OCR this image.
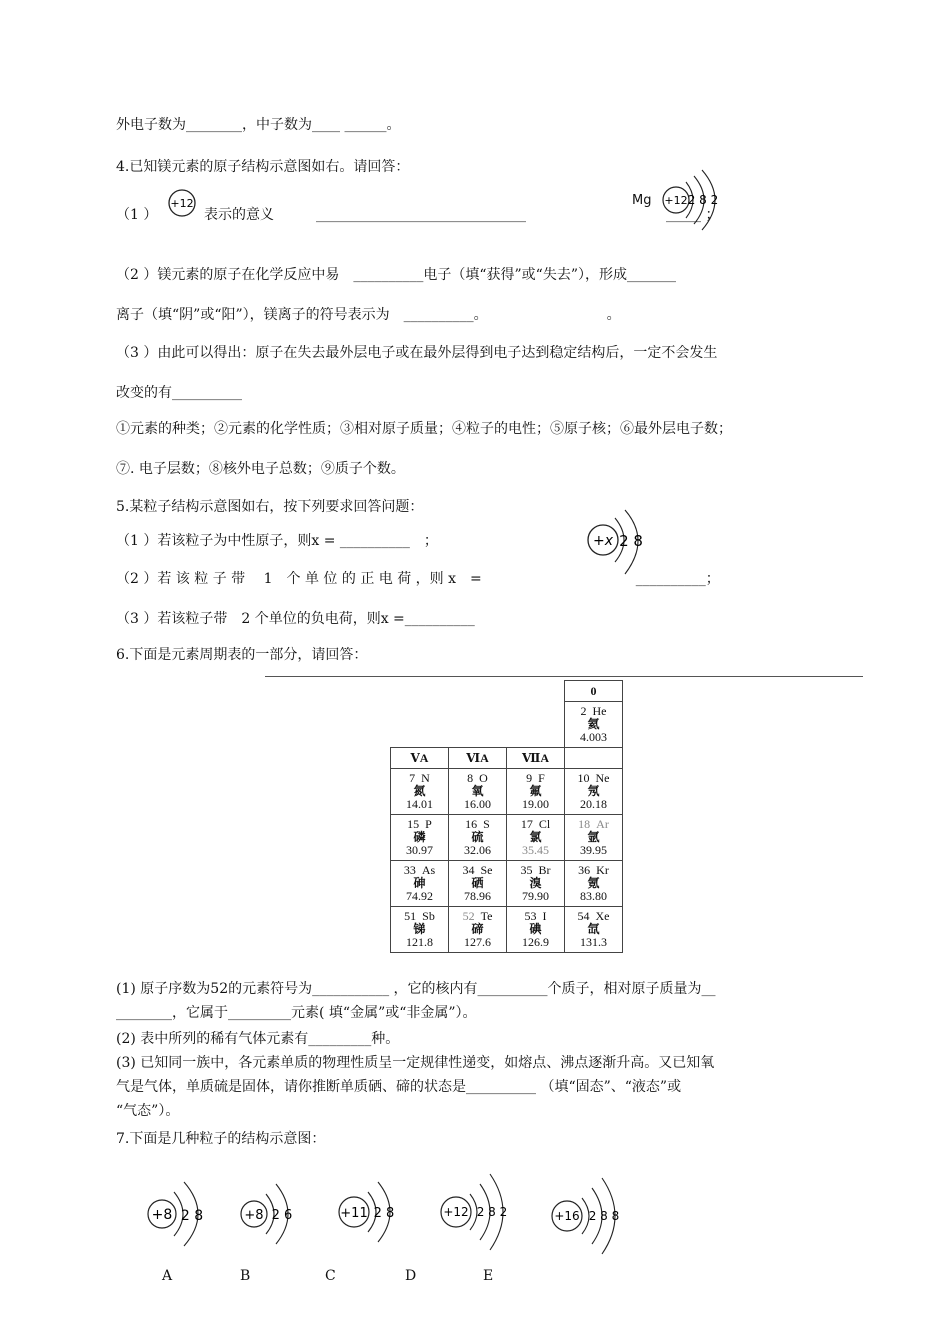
外电子数为________，中子数为____ ______。
4.已知镁元素的原子结构示意图如右。请回答：
（1 ）
+12
表示的意义　　　______________________________　　　　　　　　　　_____ ；
Mg +12 2 8 2
（2 ）镁元素的原子在化学反应中易　__________电子（填“获得”或“失去”），形成_______
离子（填“阴”或“阳”），镁离子的符号表示为　__________。　　　　　　　　　。
（3 ）由此可以得出：原子在失去最外层电子或在最外层得到电子达到稳定结构后，一定不会发生
改变的有__________
①元素的种类；②元素的化学性质；③相对原子质量；④粒子的电性；⑤原子核；⑥最外层电子数；
⑦. 电子层数；⑧核外电子总数；⑨质子个数。
5.某粒子结构示意图如右，按下列要求回答问题：
（1 ）若该粒子为中性原子，则x = __________　；
（2 ）若 该 粒 子 带　 1　个 单 位 的 正 电 荷 ，则 x　=　　　　　　　　　　　__________；
（3 ）若该粒子带　2 个单位的负电荷，则x =__________
+x 2 8
6.下面是元素周期表的一部分，请回答：
			0

			2 He
氦
4.003

ⅤA	ⅥA	ⅦA	

7 N
氮
14.01	8 O
氧
16.00	9 F
氟
19.00	10 Ne
氖
20.18

15 P
磷
30.97	16 S
硫
32.06	17 Cl
氯
35.45	18 Ar
氩
39.95

33 As
砷
74.92	34 Se
硒
78.96	35 Br
溴
79.90	36 Kr
氪
83.80

51 Sb
锑
121.8	52 Te
碲
127.6	53 I
碘
126.9	54 Xe
氙
131.3
(1) 原子序数为52的元素符号为___________ ，它的核内有__________个质子，相对原子质量为__
________，它属于_________元素( 填“金属”或“非金属”）。
(2) 表中所列的稀有气体元素有_________种。
(3) 已知同一族中，各元素单质的物理性质呈一定规律性递变，如熔点、沸点逐渐升高。又已知氧
气是气体，单质硫是固体，请你推断单质硒、碲的状态是__________ （填“固态”、“液态”或
“气态”）。
7.下面是几种粒子的结构示意图：
+8 2 8	+8 2 6	+11 2 8	+12 2 8 2	+16 2 8 8
A	B	C	D	E
